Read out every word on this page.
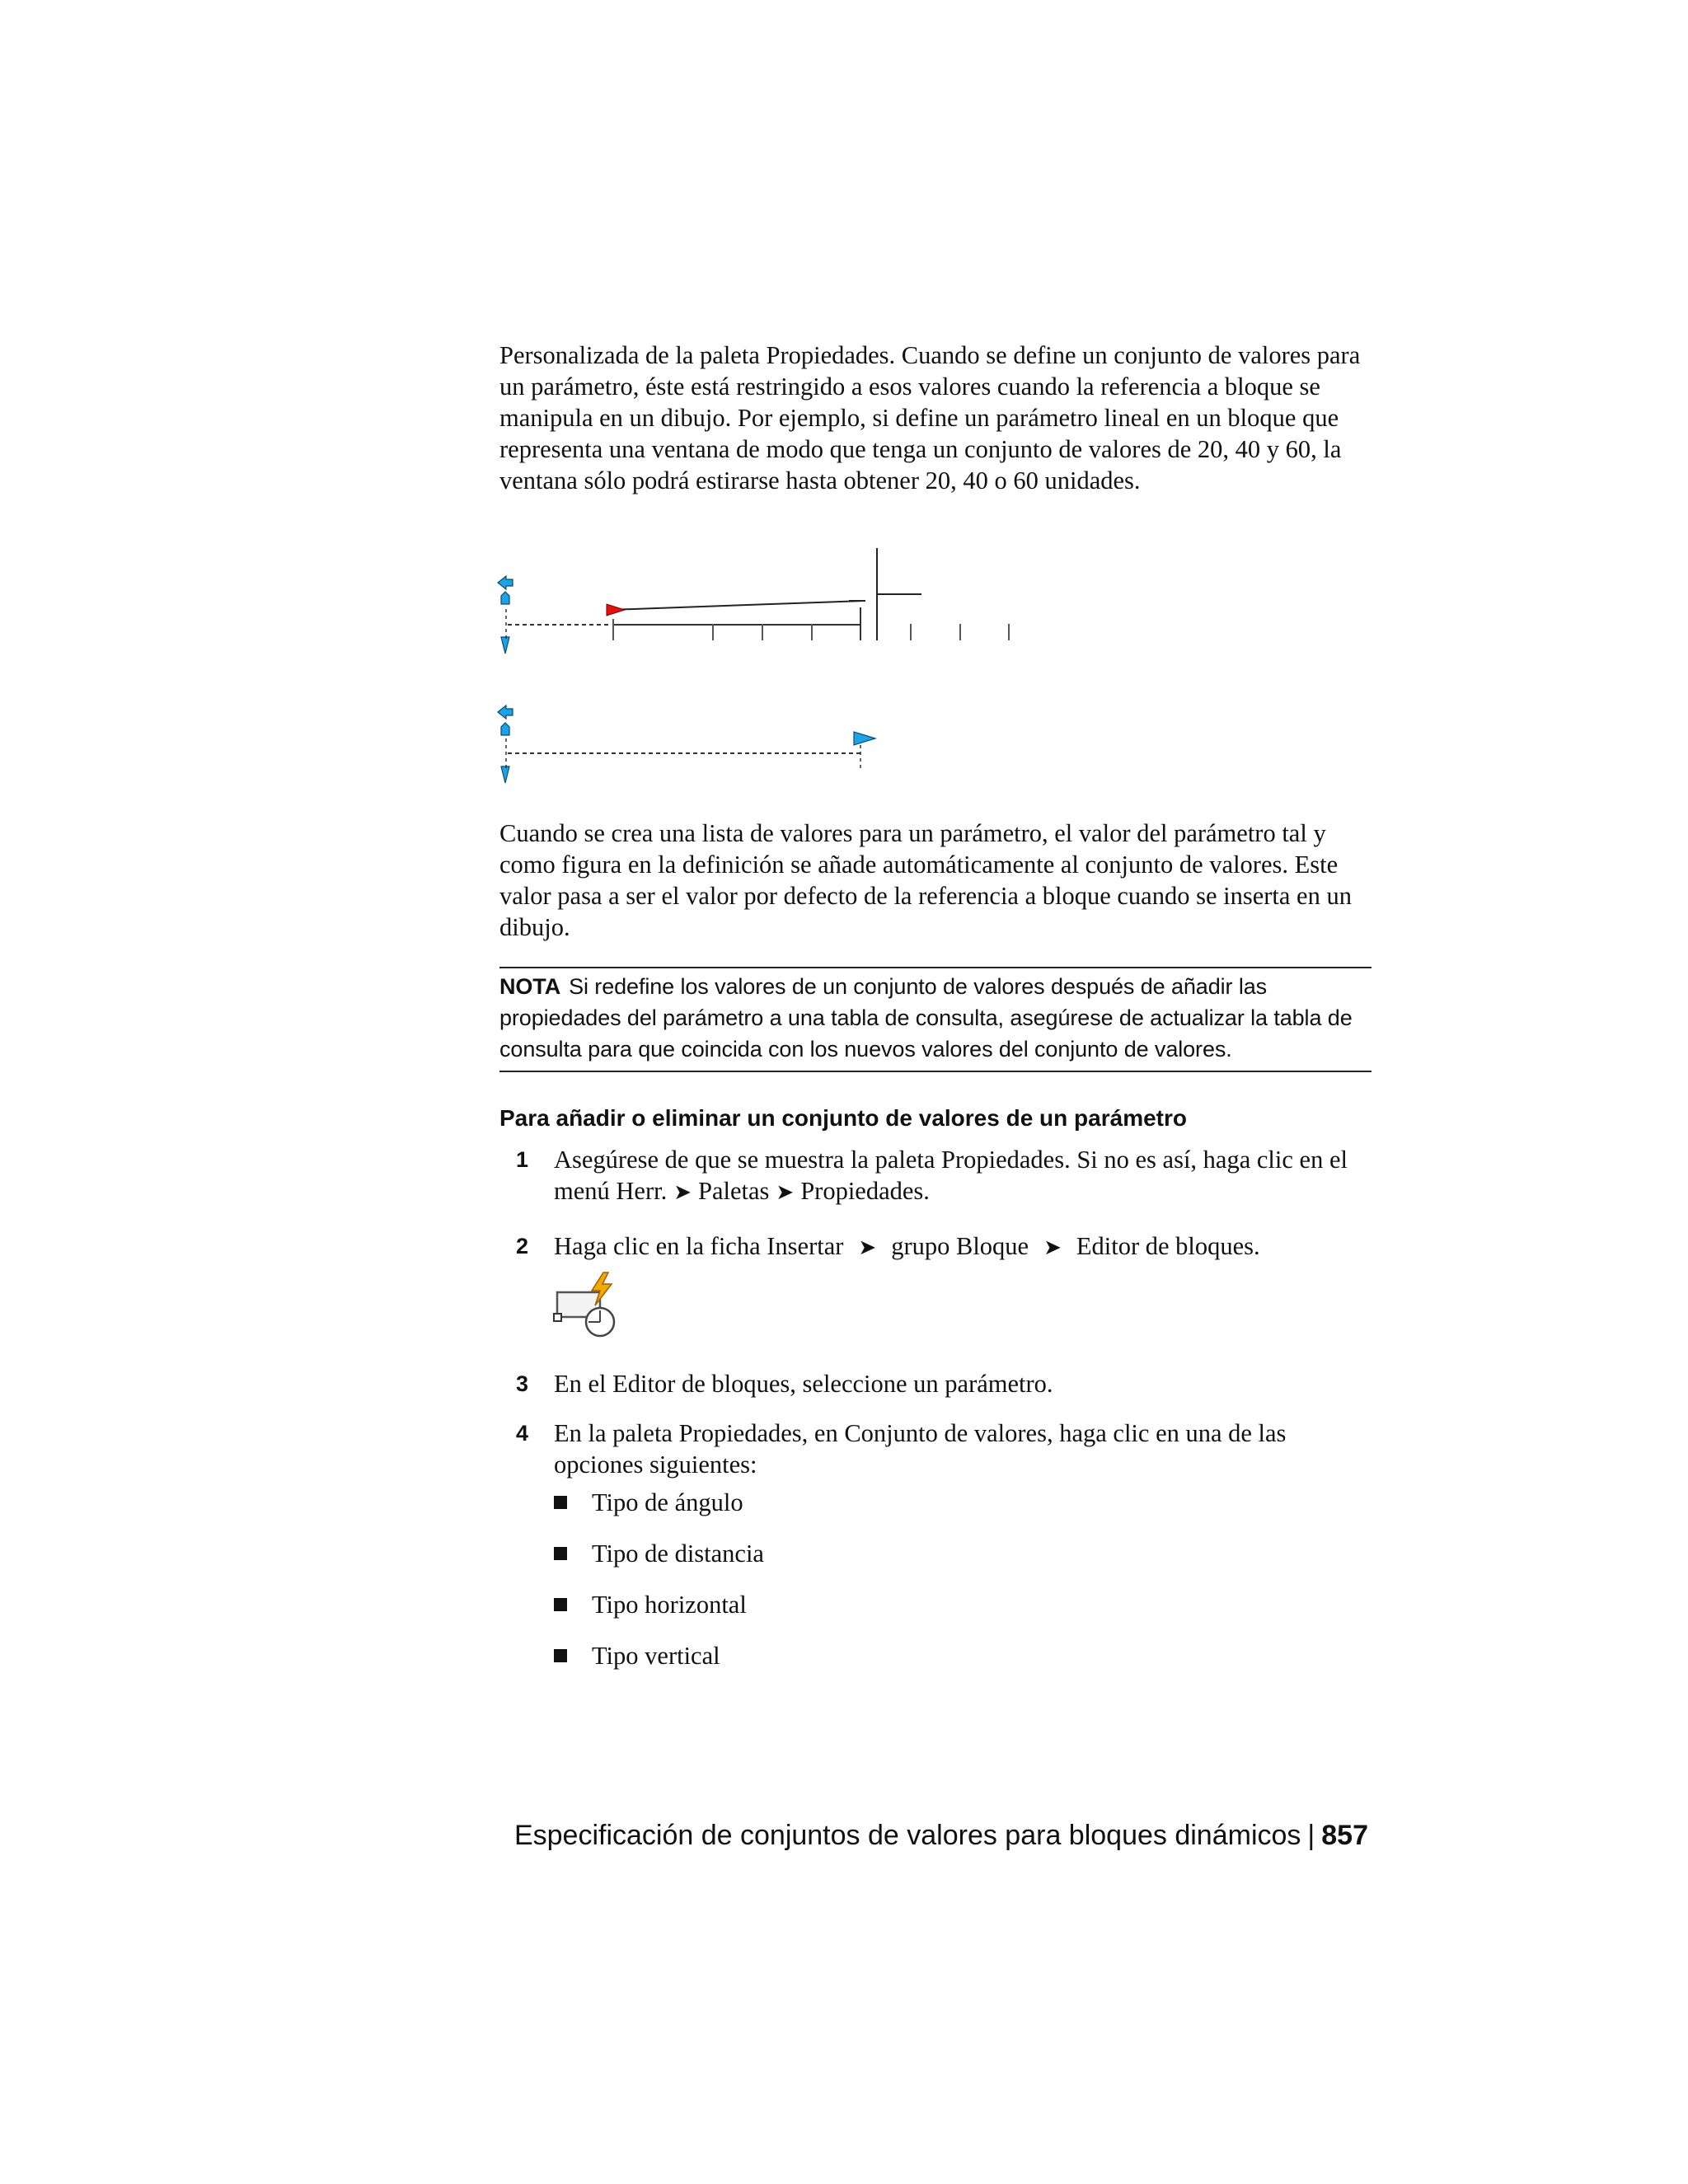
Personalizada de la paleta Propiedades. Cuando se define un conjunto de valores para un parámetro, éste está restringido a esos valores cuando la referencia a bloque se manipula en un dibujo. Por ejemplo, si define un parámetro lineal en un bloque que representa una ventana de modo que tenga un conjunto de valores de 20, 40 y 60, la ventana sólo podrá estirarse hasta obtener 20, 40 o 60 unidades.

Cuando se crea una lista de valores para un parámetro, el valor del parámetro tal y como figura en la definición se añade automáticamente al conjunto de valores. Este valor pasa a ser el valor por defecto de la referencia a bloque cuando se inserta en un dibujo.

NOTA Si redefine los valores de un conjunto de valores después de añadir las propiedades del parámetro a una tabla de consulta, asegúrese de actualizar la tabla de consulta para que coincida con los nuevos valores del conjunto de valores.
Para añadir o eliminar un conjunto de valores de un parámetro
1	Asegúrese de que se muestra la paleta Propiedades. Si no es así, haga clic en el menú Herr. ➤ Paletas ➤ Propiedades.
2	Haga clic en la ficha Insertar ➤ grupo Bloque ➤ Editor de bloques.
3	En el Editor de bloques, seleccione un parámetro.
4	En la paleta Propiedades, en Conjunto de valores, haga clic en una de las opciones siguientes:
Tipo de ángulo
Tipo de distancia
Tipo horizontal
Tipo vertical
Especificación de conjuntos de valores para bloques dinámicos | 857
